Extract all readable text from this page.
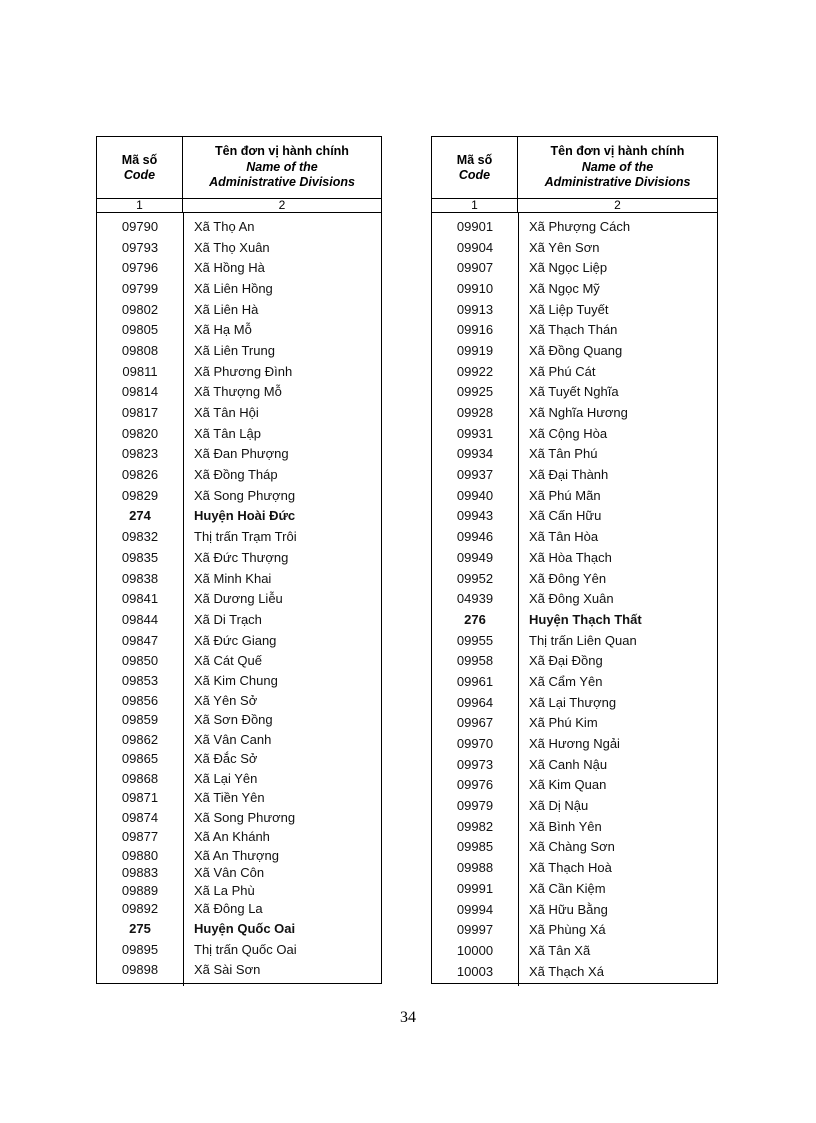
Mã số
Code
Tên đơn vị hành chính
Name of the
Administrative Divisions
1	2
09790	Xã Thọ An
09793	Xã Thọ Xuân
09796	Xã Hồng Hà
09799	Xã Liên Hồng
09802	Xã Liên Hà
09805	Xã Hạ Mỗ
09808	Xã Liên Trung
09811	Xã Phương Đình
09814	Xã Thượng Mỗ
09817	Xã Tân Hội
09820	Xã Tân Lập
09823	Xã Đan Phượng
09826	Xã Đồng Tháp
09829	Xã Song Phượng
274	Huyện Hoài Đức
09832	Thị trấn Trạm Trôi
09835	Xã Đức Thượng
09838	Xã Minh Khai
09841	Xã Dương Liễu
09844	Xã Di Trạch
09847	Xã Đức Giang
09850	Xã Cát Quế
09853	Xã Kim Chung
09856	Xã Yên Sở
09859	Xã Sơn Đồng
09862	Xã Vân Canh
09865	Xã Đắc Sở
09868	Xã Lại Yên
09871	Xã Tiền Yên
09874	Xã Song Phương
09877	Xã An Khánh
09880	Xã An Thượng
09883	Xã Vân Côn
09889	Xã La Phù
09892	Xã Đông La
275	Huyện Quốc Oai
09895	Thị trấn Quốc Oai
09898	Xã Sài Sơn
Mã số
Code
Tên đơn vị hành chính
Name of the
Administrative Divisions
1	2
09901	Xã Phượng Cách
09904	Xã Yên Sơn
09907	Xã Ngọc Liệp
09910	Xã Ngọc Mỹ
09913	Xã Liệp Tuyết
09916	Xã Thạch Thán
09919	Xã Đồng Quang
09922	Xã Phú Cát
09925	Xã Tuyết Nghĩa
09928	Xã Nghĩa Hương
09931	Xã Cộng Hòa
09934	Xã Tân Phú
09937	Xã Đại Thành
09940	Xã Phú Mãn
09943	Xã Cấn Hữu
09946	Xã Tân Hòa
09949	Xã Hòa Thạch
09952	Xã Đông Yên
04939	Xã Đông Xuân
276	Huyện Thạch Thất
09955	Thị trấn Liên Quan
09958	Xã Đại Đồng
09961	Xã Cẩm Yên
09964	Xã Lại Thượng
09967	Xã Phú Kim
09970	Xã Hương Ngải
09973	Xã Canh Nậu
09976	Xã Kim Quan
09979	Xã Dị Nậu
09982	Xã Bình Yên
09985	Xã Chàng Sơn
09988	Xã Thạch Hoà
09991	Xã Cần Kiệm
09994	Xã Hữu Bằng
09997	Xã Phùng Xá
10000	Xã Tân Xã
10003	Xã Thạch Xá
34
